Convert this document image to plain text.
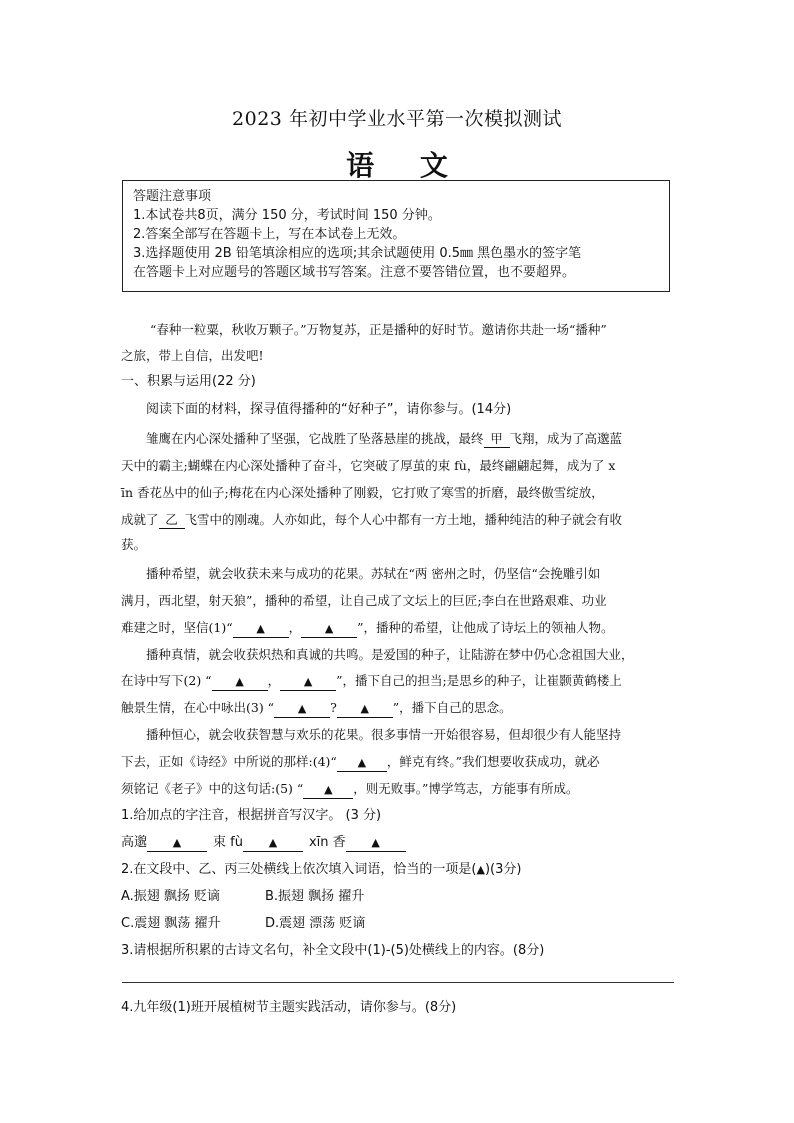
2023 年初中学业水平第一次模拟测试
语 文
答题注意事项
1.本试卷共8页，满分 150 分，考试时间 150 分钟。
2.答案全部写在答题卡上，写在本试卷上无效。
3.选择题使用 2B 铅笔填涂相应的选项;其余试题使用 0.5㎜ 黑色墨水的签字笔
在答题卡上对应题号的答题区域书写答案。注意不要答错位置，也不要超界。
“春种一粒粟，秋收万颗子。”万物复苏，正是播种的好时节。邀请你共赴一场“播种”
之旅，带上自信，出发吧!
一、积累与运用(22 分)
阅读下面的材料，探寻值得播种的“好种子”，请你参与。(14分)
雏鹰在内心深处播种了坚强，它战胜了坠落悬崖的挑战，最终 甲 飞翔，成为了高邈蓝
天中的霸主;蝴蝶在内心深处播种了奋斗，它突破了厚茧的束 fù，最终翩翩起舞，成为了 x
īn 香花丛中的仙子;梅花在内心深处播种了刚毅，它打败了寒雪的折磨，最终傲雪绽放，
成就了 乙 飞雪中的刚魂。人亦如此，每个人心中都有一方土地，播种纯洁的种子就会有收
获。
播种希望，就会收获未来与成功的花果。苏轼在“两 密州之时，仍坚信“会挽雕引如
满月，西北望，射天狼”，播种的希望，让自己成了文坛上的巨匠;李白在世路艰难、功业
难建之时，坚信(1)“ ▲ ， ▲ ”，播种的希望，让他成了诗坛上的领袖人物。
播种真情，就会收获炽热和真诚的共鸣。是爱国的种子，让陆游在梦中仍心念祖国大业，
在诗中写下(2) “ ▲ ， ▲ ”，播下自己的担当;是思乡的种子，让崔颢黄鹤楼上
触景生情，在心中咏出(3) “ ▲ ? ▲ ”，播下自己的思念。
播种恒心，就会收获智慧与欢乐的花果。很多事情一开始很容易，但却很少有人能坚持
下去，正如《诗经》中所说的那样:(4)“ ▲ ，鲜克有终。”我们想要收获成功，就必
须铭记《老子》中的这句话:(5) “ ▲ ，则无败事。”博学笃志，方能事有所成。
1.给加点的字注音，根据拼音写汉字。 (3 分)
高邈 ▲ 束 fù ▲ xīn 香 ▲
2.在文段中、乙、丙三处横线上依次填入词语，恰当的一项是(▲)(3分)
A.振翅 飘扬 贬谪	B.振翅 飘扬 擢升
C.震翅 飘荡 擢升	D.震翅 漂荡 贬谪
3.请根据所积累的古诗文名句，补全文段中(1)-(5)处横线上的内容。(8分)
4.九年级(1)班开展植树节主题实践活动，请你参与。(8分)
